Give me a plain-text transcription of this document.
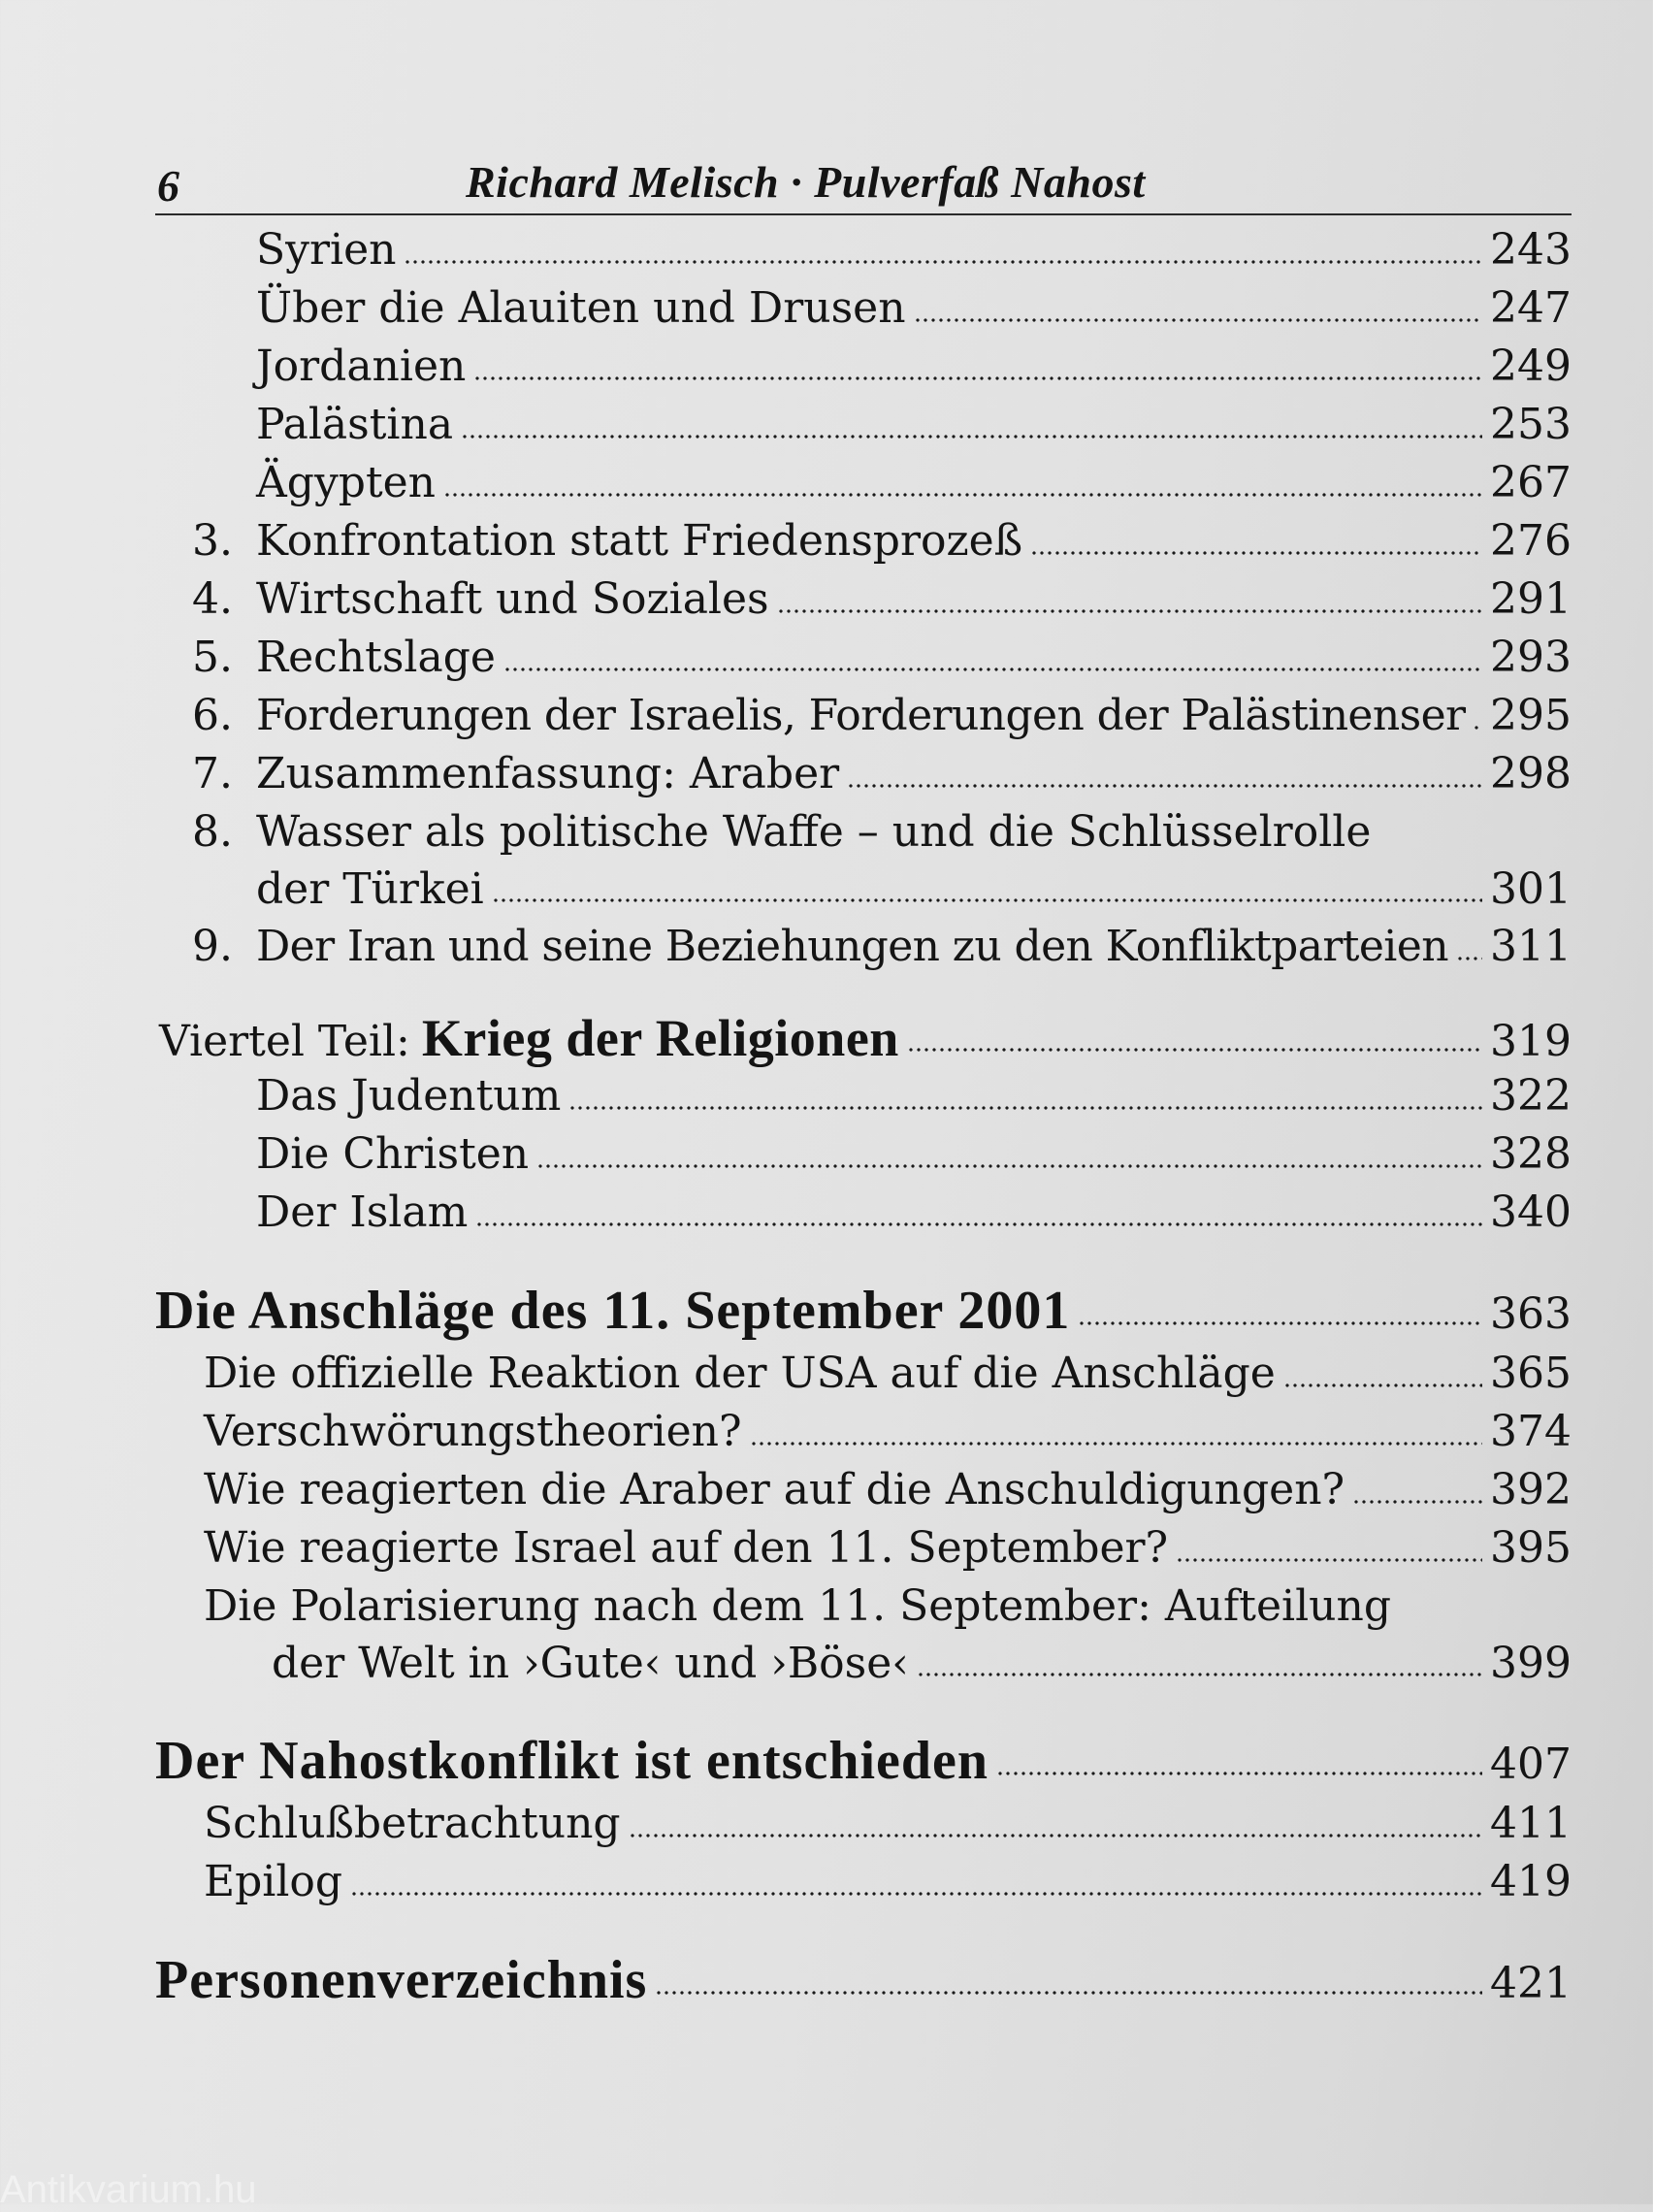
6	Richard Melisch · Pulverfaß Nahost
Syrien	243
Über die Alauiten und Drusen	247
Jordanien	249
Palästina	253
Ägypten	267
3. Konfrontation statt Friedensprozeß	276
4. Wirtschaft und Soziales	291
5. Rechtslage	293
6. Forderungen der Israelis, Forderungen der Palästinenser 295
7. Zusammenfassung: Araber	298
8. Wasser als politische Waffe – und die Schlüsselrolle
der Türkei	301
9. Der Iran und seine Beziehungen zu den Konfliktparteien 311
Viertel Teil: Krieg der Religionen	319
Das Judentum	322
Die Christen	328
Der Islam	340
Die Anschläge des 11. September 2001	363
Die offizielle Reaktion der USA auf die Anschläge	365
Verschwörungstheorien?	374
Wie reagierten die Araber auf die Anschuldigungen?	392
Wie reagierte Israel auf den 11. September?	395
Die Polarisierung nach dem 11. September: Aufteilung
der Welt in ›Gute‹ und ›Böse‹	399
Der Nahostkonflikt ist entschieden	407
Schlußbetrachtung	411
Epilog	419
Personenverzeichnis	421
Antikvarium.hu
